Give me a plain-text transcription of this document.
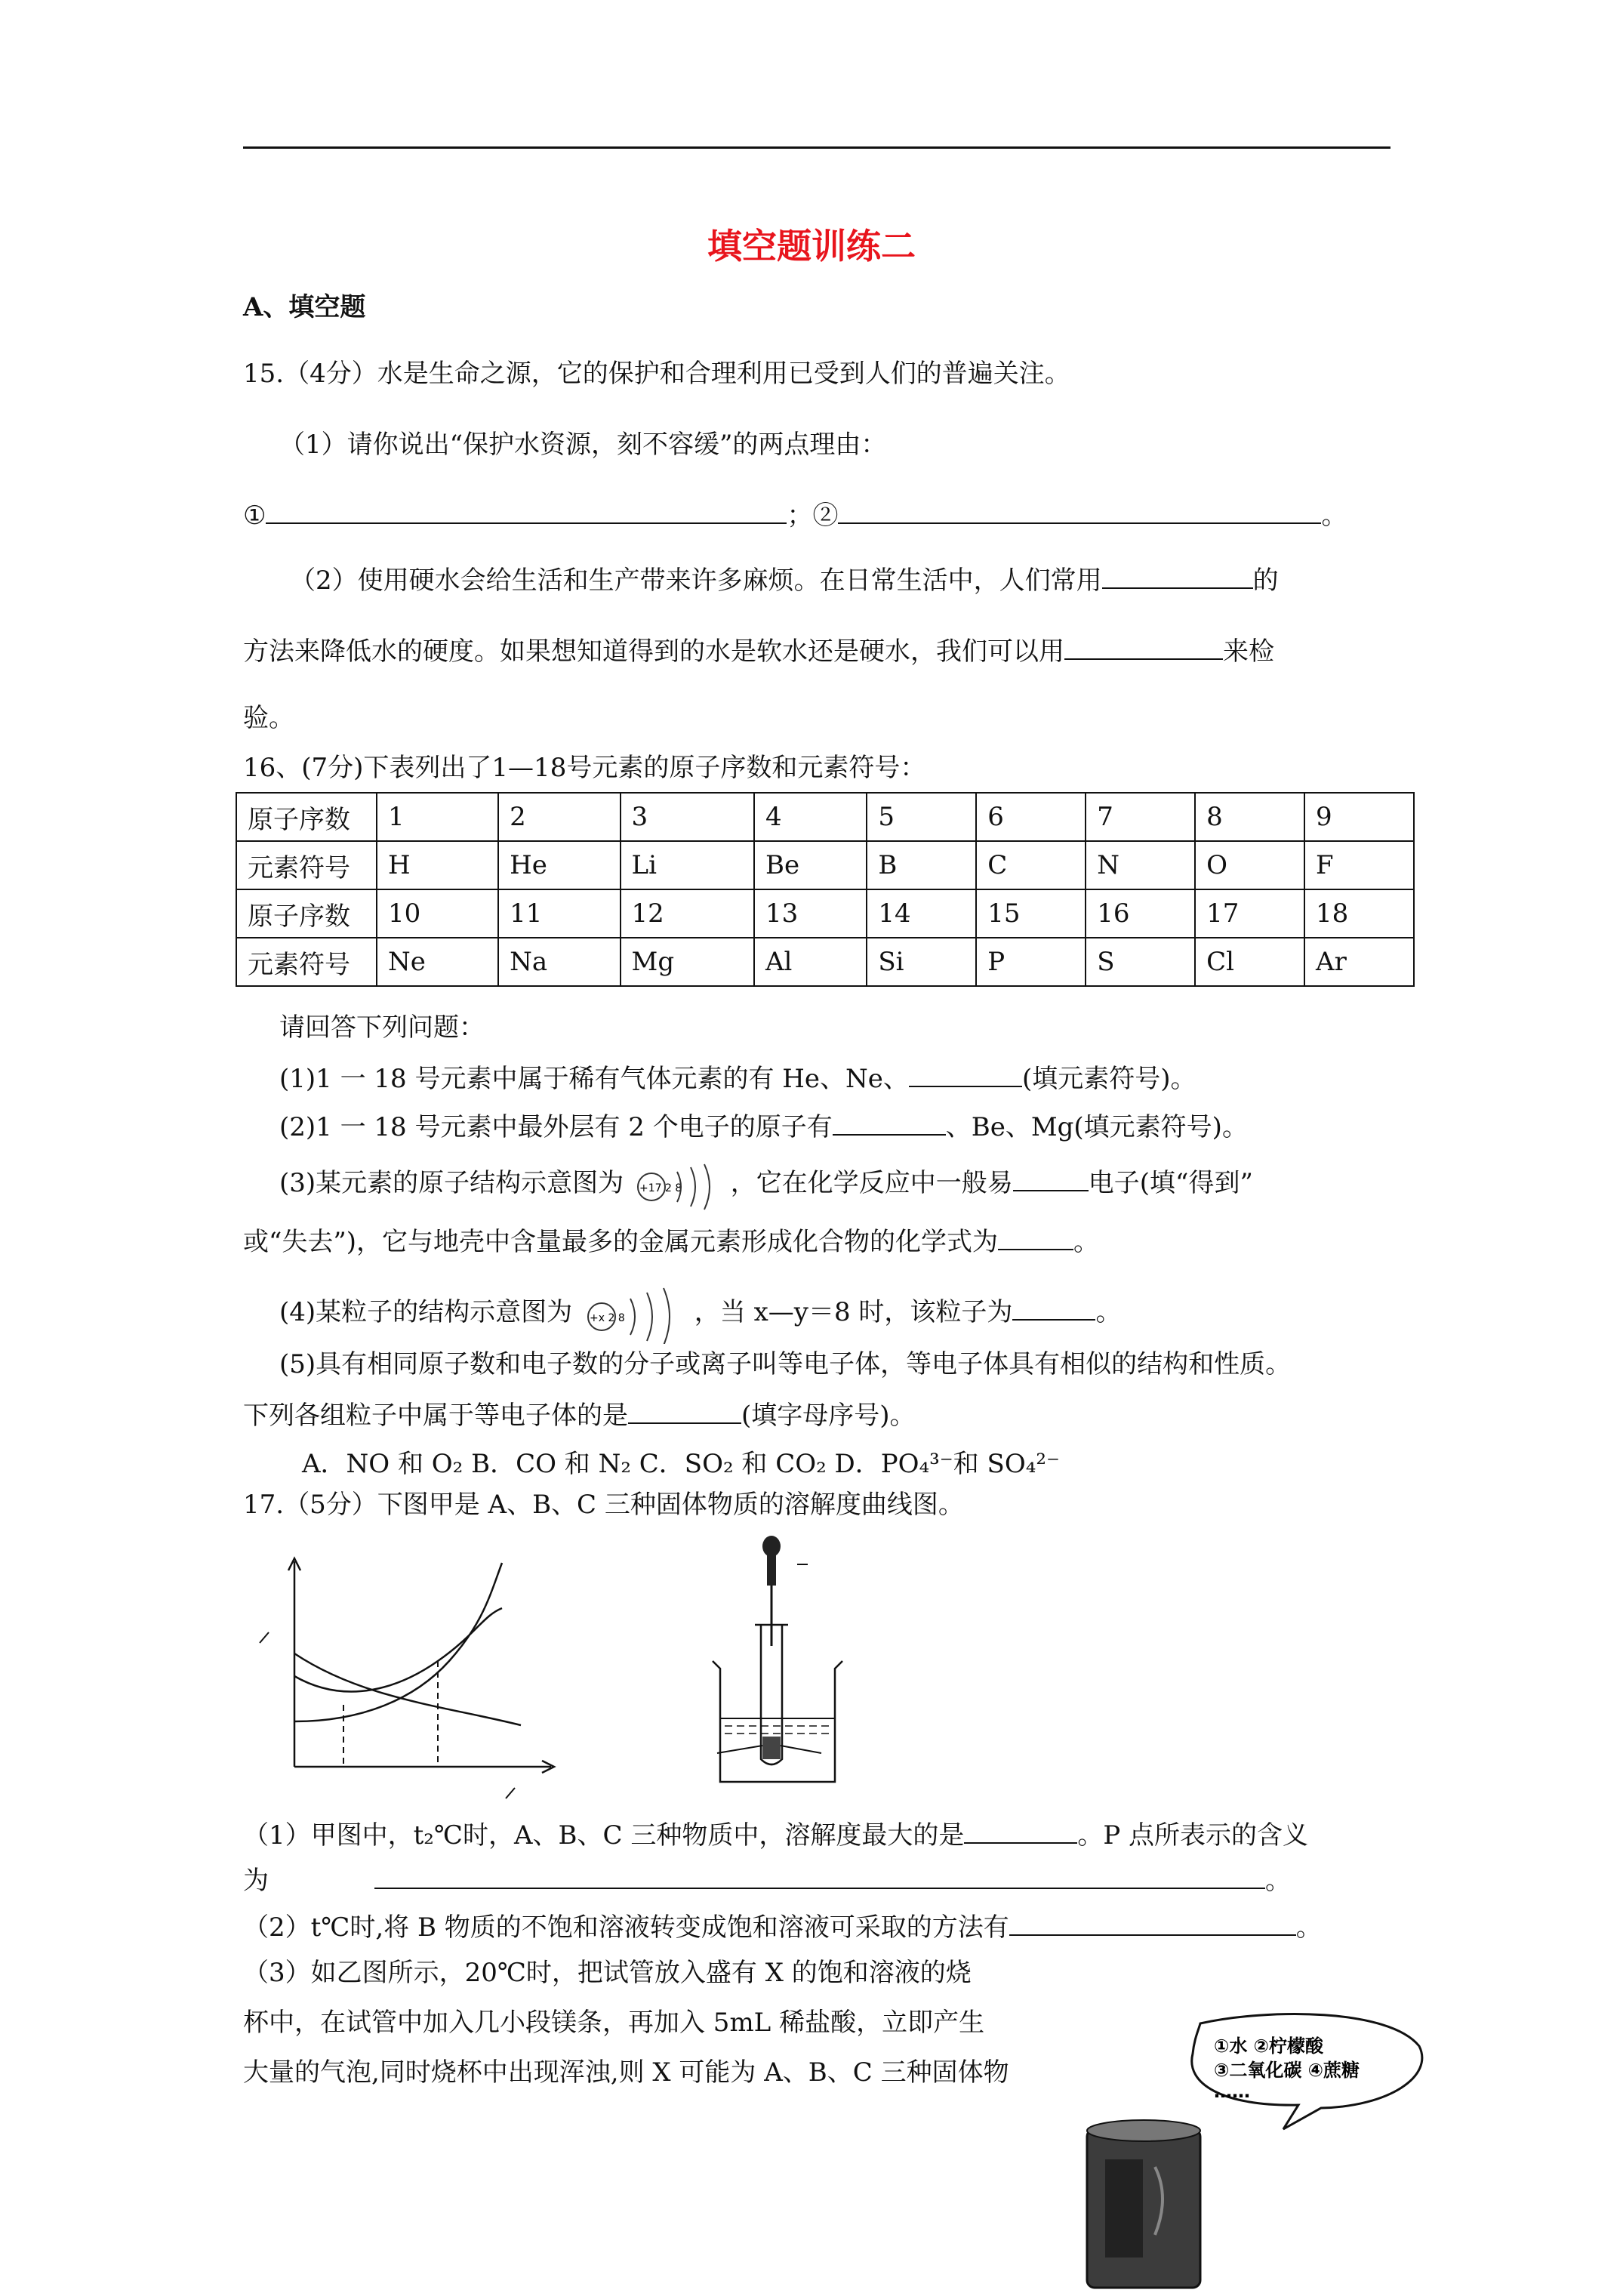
填空题训练二
A、填空题
15.（4分）水是生命之源，它的保护和合理利用已受到人们的普遍关注。
（1）请你说出“保护水资源，刻不容缓”的两点理由：
①	；②	。
（2）使用硬水会给生活和生产带来许多麻烦。在日常生活中，人们常用	的
方法来降低水的硬度。如果想知道得到的水是软水还是硬水，我们可以用	来检
验。
16、(7分)下表列出了1—18号元素的原子序数和元素符号：
原子序数	1	2	3	4	5	6	7	8	9
元素符号	H	He	Li	Be	B	C	N	O	F
原子序数	10	11	12	13	14	15	16	17	18
元素符号	Ne	Na	Mg	Al	Si	P	S	Cl	Ar
请回答下列问题：
(1)1 一 18 号元素中属于稀有气体元素的有 He、Ne、	(填元素符号)。
(2)1 一 18 号元素中最外层有 2 个电子的原子有	、Be、Mg(填元素符号)。
(3)某元素的原子结构示意图为 +17 2 8 ，它在化学反应中一般易	电子(填“得到”
或“失去”)，它与地壳中含量最多的金属元素形成化合物的化学式为	。
(4)某粒子的结构示意图为 +x 2 8	，当 x—y＝8 时，该粒子为	。
(5)具有相同原子数和电子数的分子或离子叫等电子体，等电子体具有相似的结构和性质。
下列各组粒子中属于等电子体的是	(填字母序号)。
A．NO 和 O₂ B．CO 和 N₂ C．SO₂ 和 CO₂ D．PO₄³⁻和 SO₄²⁻
17.（5分）下图甲是 A、B、C 三种固体物质的溶解度曲线图。
（1）甲图中，t₂℃时，A、B、C 三种物质中，溶解度最大的是	。P 点所表示的含义
为	。
（2）t℃时,将 B 物质的不饱和溶液转变成饱和溶液可采取的方法有	。
（3）如乙图所示，20℃时，把试管放入盛有 X 的饱和溶液的烧
杯中，在试管中加入几小段镁条，再加入 5mL 稀盐酸，立即产生
大量的气泡,同时烧杯中出现浑浊,则 X 可能为 A、B、C 三种固体物
①水 ②柠檬酸
③二氧化碳 ④蔗糖
……
